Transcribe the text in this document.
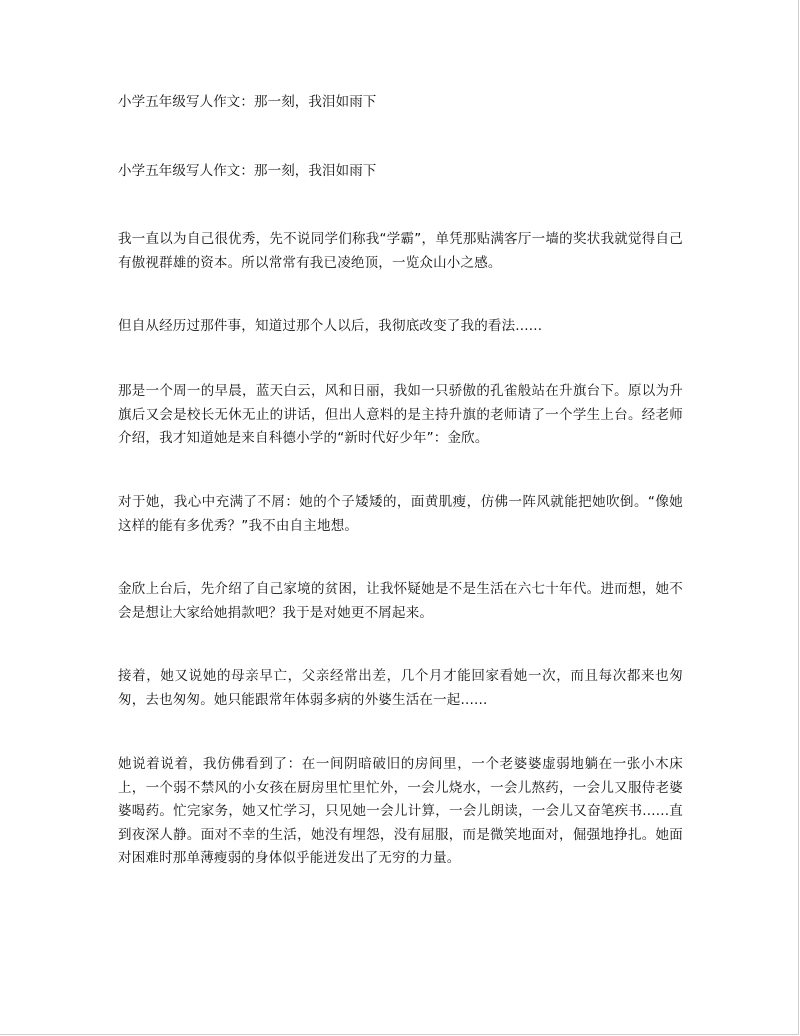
小学五年级写人作文：那一刻，我泪如雨下
小学五年级写人作文：那一刻，我泪如雨下

我一直以为自己很优秀，先不说同学们称我“学霸”，单凭那贴满客厅一墙的奖状我就觉得自己有傲视群雄的资本。所以常常有我已凌绝顶，一览众山小之感。

但自从经历过那件事，知道过那个人以后，我彻底改变了我的看法......

那是一个周一的早晨，蓝天白云，风和日丽，我如一只骄傲的孔雀般站在升旗台下。原以为升旗后又会是校长无休无止的讲话，但出人意料的是主持升旗的老师请了一个学生上台。经老师介绍，我才知道她是来自科德小学的“新时代好少年”：金欣。

对于她，我心中充满了不屑：她的个子矮矮的，面黄肌瘦，仿佛一阵风就能把她吹倒。“像她这样的能有多优秀？”我不由自主地想。

金欣上台后，先介绍了自己家境的贫困，让我怀疑她是不是生活在六七十年代。进而想，她不会是想让大家给她捐款吧？我于是对她更不屑起来。

接着，她又说她的母亲早亡，父亲经常出差，几个月才能回家看她一次，而且每次都来也匆匆，去也匆匆。她只能跟常年体弱多病的外婆生活在一起......

她说着说着，我仿佛看到了：在一间阴暗破旧的房间里，一个老婆婆虚弱地躺在一张小木床上，一个弱不禁风的小女孩在厨房里忙里忙外，一会儿烧水，一会儿熬药，一会儿又服侍老婆婆喝药。忙完家务，她又忙学习，只见她一会儿计算，一会儿朗读，一会儿又奋笔疾书......直到夜深人静。面对不幸的生活，她没有埋怨，没有屈服，而是微笑地面对，倔强地挣扎。她面对困难时那单薄瘦弱的身体似乎能迸发出了无穷的力量。
